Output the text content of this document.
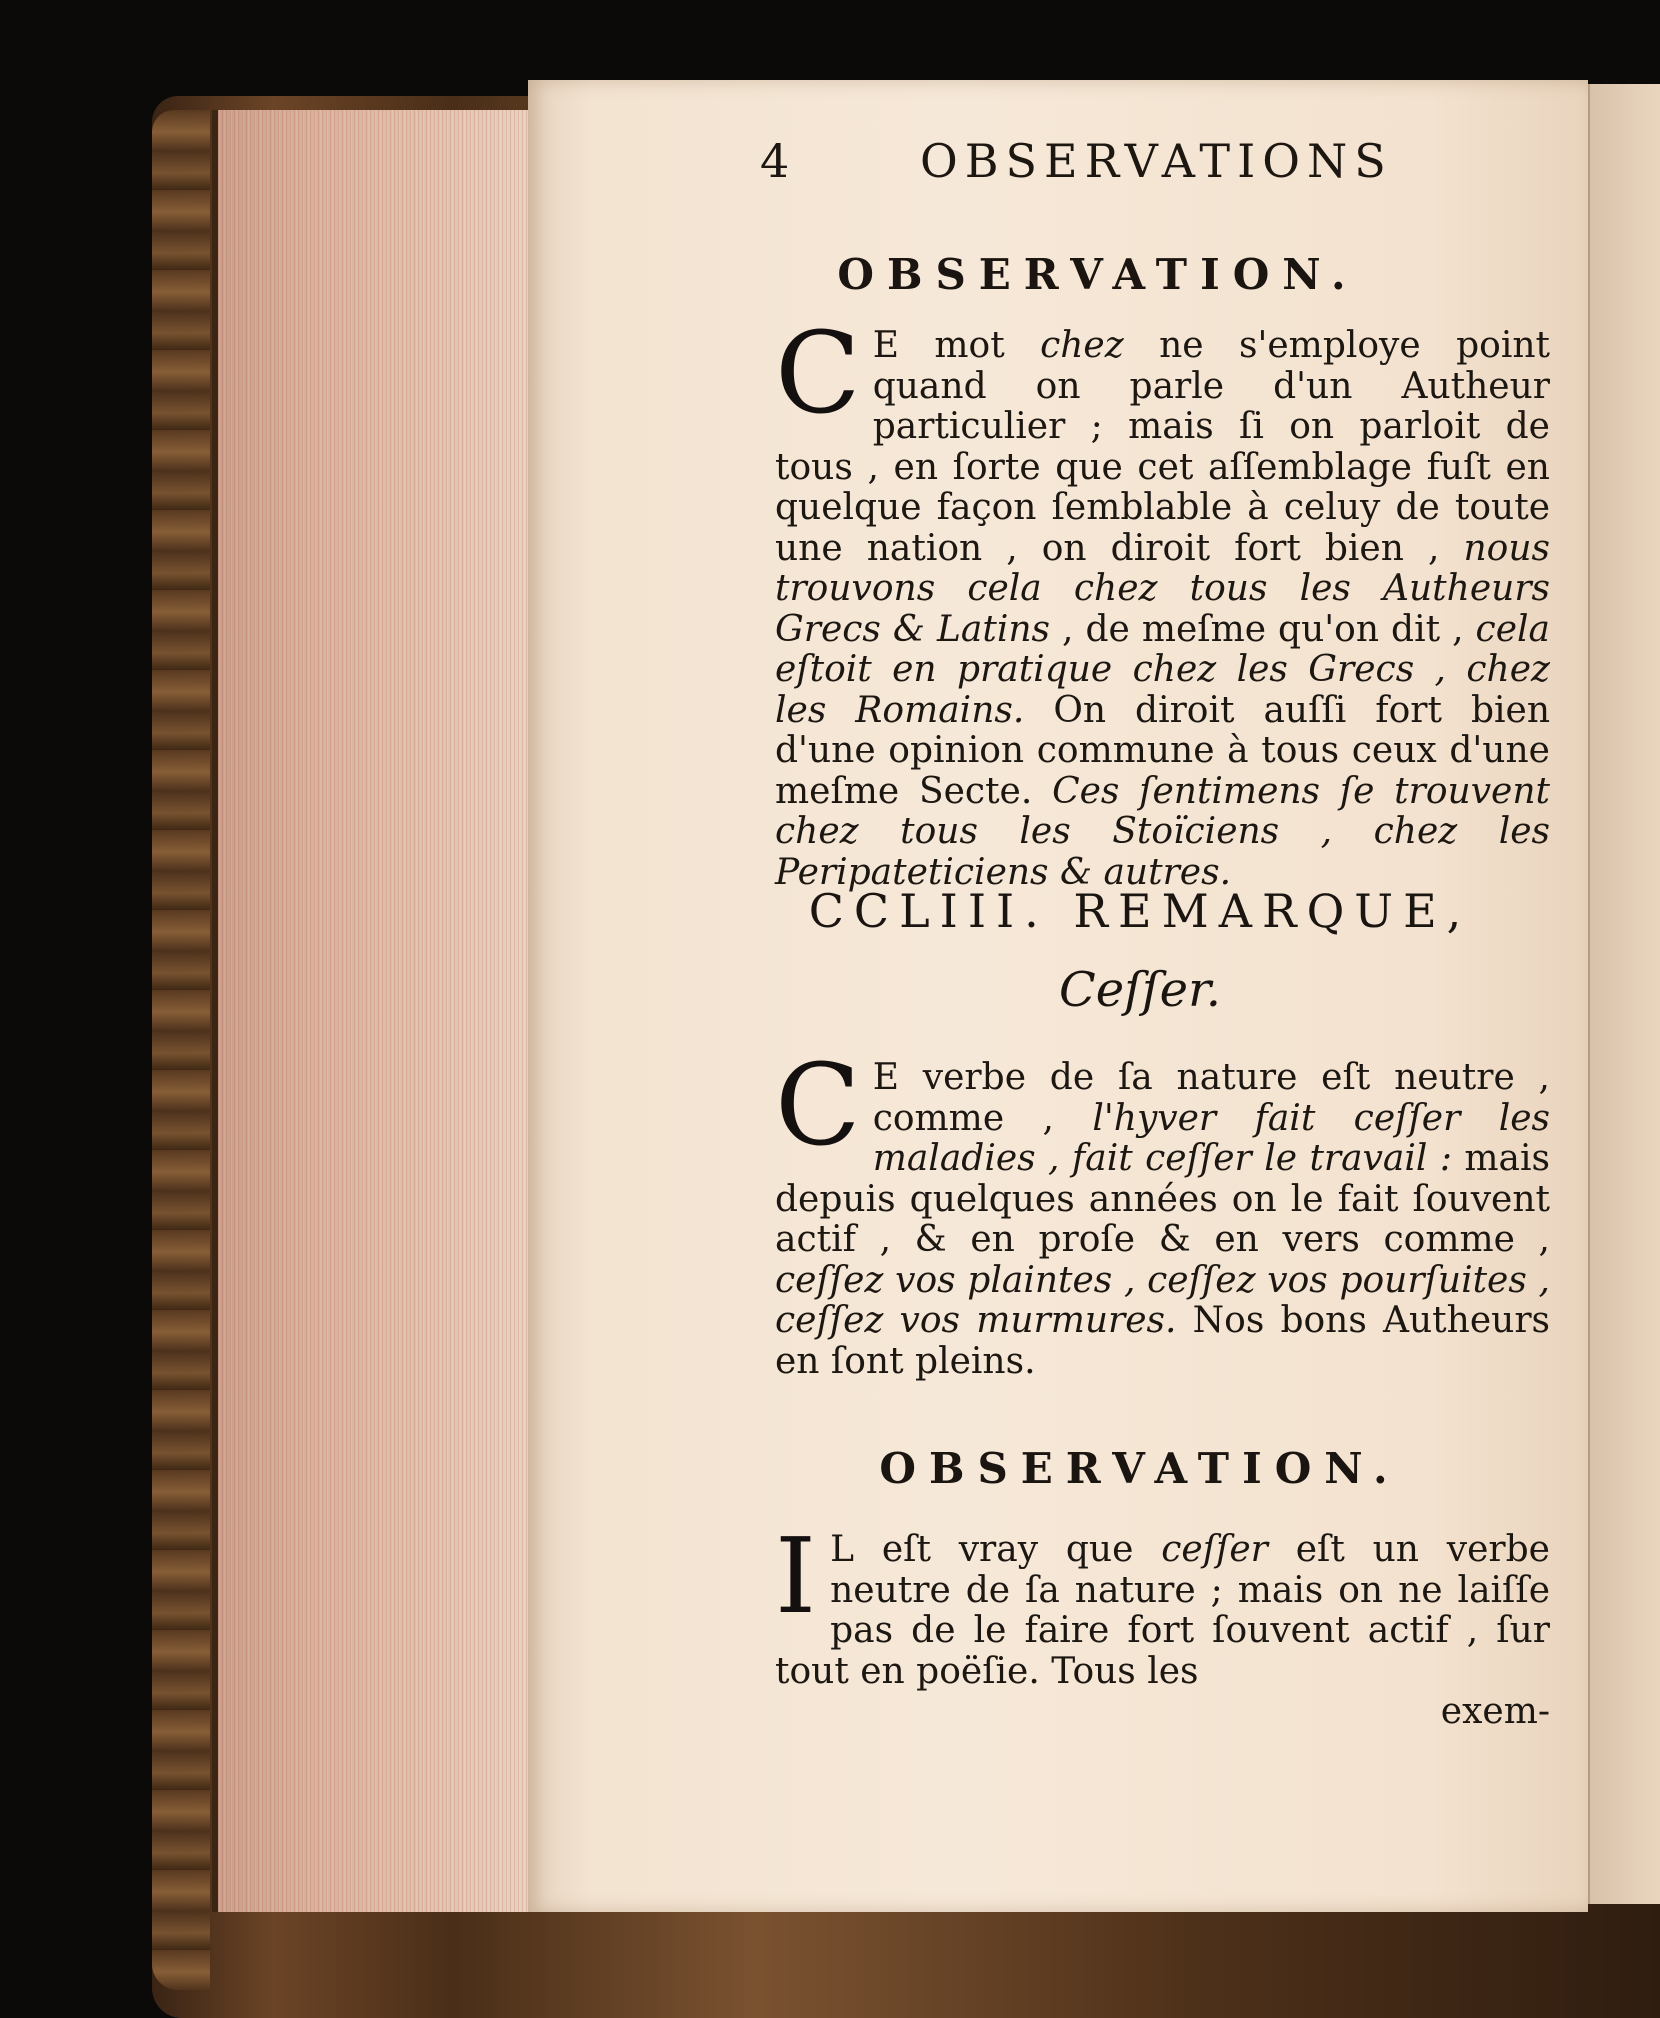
4	OBSERVATIONS
OBSERVATION.

C E mot chez ne s'employe point quand on parle d'un Autheur particulier ; mais ſi on parloit de tous , en ſorte que cet aſſemblage fuſt en quelque façon ſemblable à celuy de toute une nation , on diroit fort bien , nous trouvons cela chez tous les Autheurs Grecs & Latins , de meſme qu'on dit , cela eſtoit en pratique chez les Grecs , chez les Romains. On diroit auſſi fort bien d'une opinion commune à tous ceux d'une meſme Secte. Ces ſentimens ſe trouvent chez tous les Stoïciens , chez les Peripateticiens & autres.

CCLIII. REMARQUE,
Ceſſer.

C E verbe de ſa nature eſt neutre , comme , l'hyver fait ceſſer les maladies , fait ceſſer le travail : mais depuis quelques années on le fait ſouvent actif , & en proſe & en vers comme , ceſſez vos plaintes , ceſſez vos pourſuites , ceſſez vos murmures. Nos bons Autheurs en ſont pleins.

OBSERVATION.

I L eſt vray que ceſſer eſt un verbe neutre de ſa nature ; mais on ne laiſſe pas de le faire fort ſouvent actif , ſur tout en poëſie. Tous les

exem-
